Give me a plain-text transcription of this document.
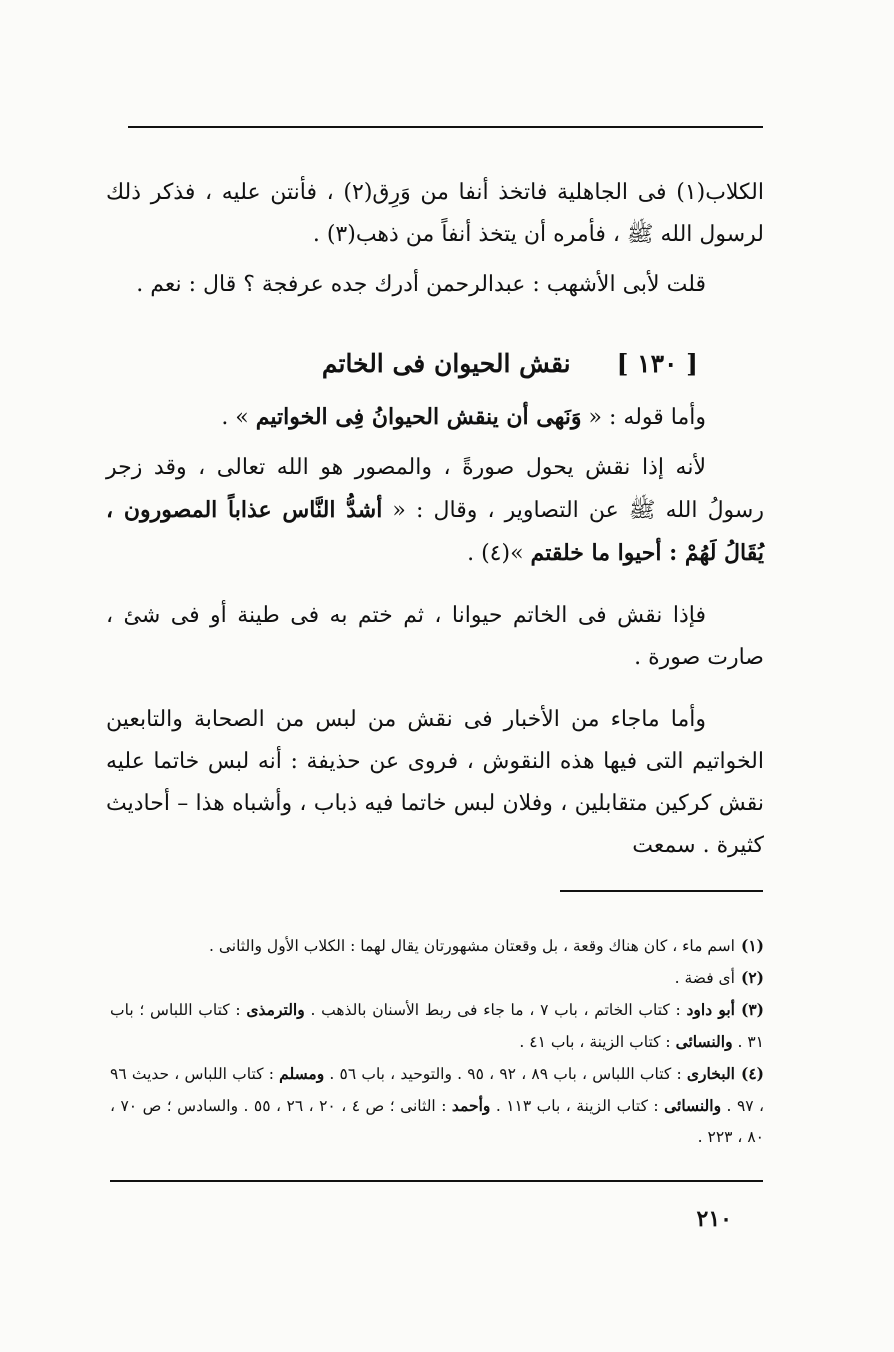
الكلاب(١) فى الجاهلية فاتخذ أنفا من وَرِق(٢) ، فأنتن عليه ، فذكر ذلك لرسول الله ﷺ ، فأمره أن يتخذ أنفاً من ذهب(٣) .

قلت لأبى الأشهب : عبدالرحمن أدرك جده عرفجة ؟ قال : نعم .

[ ١٣٠ ]نقش الحيوان فى الخاتم

وأما قوله : « وَنَهى أن ينقش الحيوانُ فِى الخواتيم » .

لأنه إذا نقش يحول صورةً ، والمصور هو الله تعالى ، وقد زجر رسولُ الله ﷺ عن التصاوير ، وقال : « أشدُّ النَّاس عذاباً المصورون ، يُقَالُ لَهُمْ : أحيوا ما خلقتم »(٤) .

فإذا نقش فى الخاتم حيوانا ، ثم ختم به فى طينة أو فى شئ ، صارت صورة .

وأما ماجاء من الأخبار فى نقش من لبس من الصحابة والتابعين الخواتيم التى فيها هذه النقوش ، فروى عن حذيفة : أنه لبس خاتما عليه نقش كركين متقابلين ، وفلان لبس خاتما فيه ذباب ، وأشباه هذا – أحاديث كثيرة . سمعت

(١)اسم ماء ، كان هناك وقعة ، بل وقعتان مشهورتان يقال لهما : الكلاب الأول والثانى .

(٢)أى فضة .

(٣)أبو داود : كتاب الخاتم ، باب ٧ ، ما جاء فى ربط الأسنان بالذهب . والترمذى : كتاب اللباس ؛ باب ٣١ . والنسائى : كتاب الزينة ، باب ٤١ .

(٤)البخارى : كتاب اللباس ، باب ٨٩ ، ٩٢ ، ٩٥ . والتوحيد ، باب ٥٦ . ومسلم : كتاب اللباس ، حديث ٩٦ ، ٩٧ . والنسائى : كتاب الزينة ، باب ١١٣ . وأحمد : الثانى ؛ ص ٤ ، ٢٠ ، ٢٦ ، ٥٥ . والسادس ؛ ص ٧٠ ، ٨٠ ، ٢٢٣ .

٢١٠
